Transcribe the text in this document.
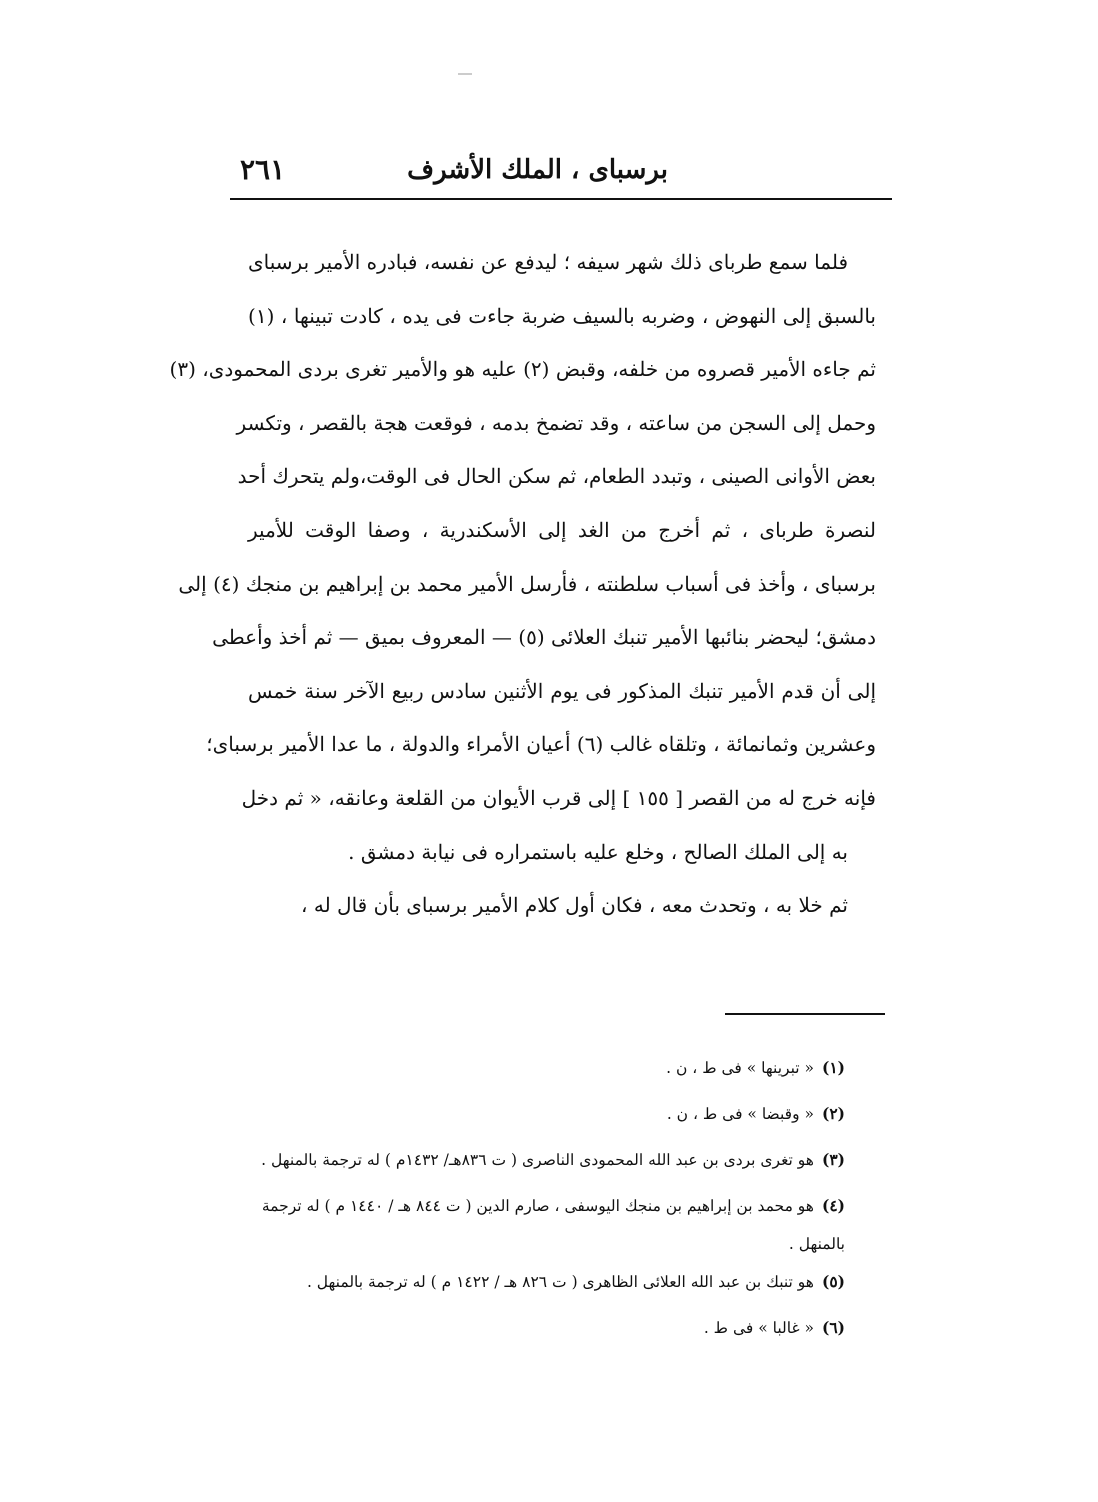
برسباى ، الملك الأشرف
٢٦١
فلما سمع طرباى ذلك شهر سيفه ؛ ليدفع عن نفسه، فبادره الأمير برسباى
بالسبق إلى النهوض ، وضربه بالسيف ضربة جاءت فى يده ، كادت تبينها ، (١)
ثم جاءه الأمير قصروه من خلفه، وقبض (٢) عليه هو والأمير تغرى بردى المحمودى، (٣)
وحمل إلى السجن من ساعته ، وقد تضمخ بدمه ، فوقعت هجة بالقصر ، وتكسر
بعض الأوانى الصينى ، وتبدد الطعام، ثم سكن الحال فى الوقت،ولم يتحرك أحد
لنصرة طرباى ، ثم أخرج من الغد إلى الأسكندرية ، وصفا الوقت للأمير
برسباى ، وأخذ فى أسباب سلطنته ، فأرسل الأمير محمد بن إبراهيم بن منجك (٤) إلى
دمشق؛ ليحضر بنائبها الأمير تنبك العلائى (٥) — المعروف بميق — ثم أخذ وأعطى
إلى أن قدم الأمير تنبك المذكور فى يوم الأثنين سادس ربيع الآخر سنة خمس
وعشرين وثمانمائة ، وتلقاه غالب (٦) أعيان الأمراء والدولة ، ما عدا الأمير برسباى؛
فإنه خرج له من القصر [ ١٥٥ ] إلى قرب الأيوان من القلعة وعانقه، « ثم دخل
به إلى الملك الصالح ، وخلع عليه باستمراره فى نيابة دمشق .
ثم خلا به ، وتحدث معه ، فكان أول كلام الأمير برسباى بأن قال له ،
(١)« تبرينها » فى ط ، ن .
(٢)« وقبضا » فى ط ، ن .
(٣)هو تغرى بردى بن عبد الله المحمودى الناصرى ( ت ٨٣٦هـ/ ١٤٣٢م ) له ترجمة بالمنهل .
(٤)هو محمد بن إبراهيم بن منجك اليوسفى ، صارم الدين ( ت ٨٤٤ هـ / ١٤٤٠ م ) له ترجمة
بالمنهل .
(٥)هو تنبك بن عبد الله العلائى الظاهرى ( ت ٨٢٦ هـ / ١٤٢٢ م ) له ترجمة بالمنهل .
(٦)« غالبا » فى ط .
